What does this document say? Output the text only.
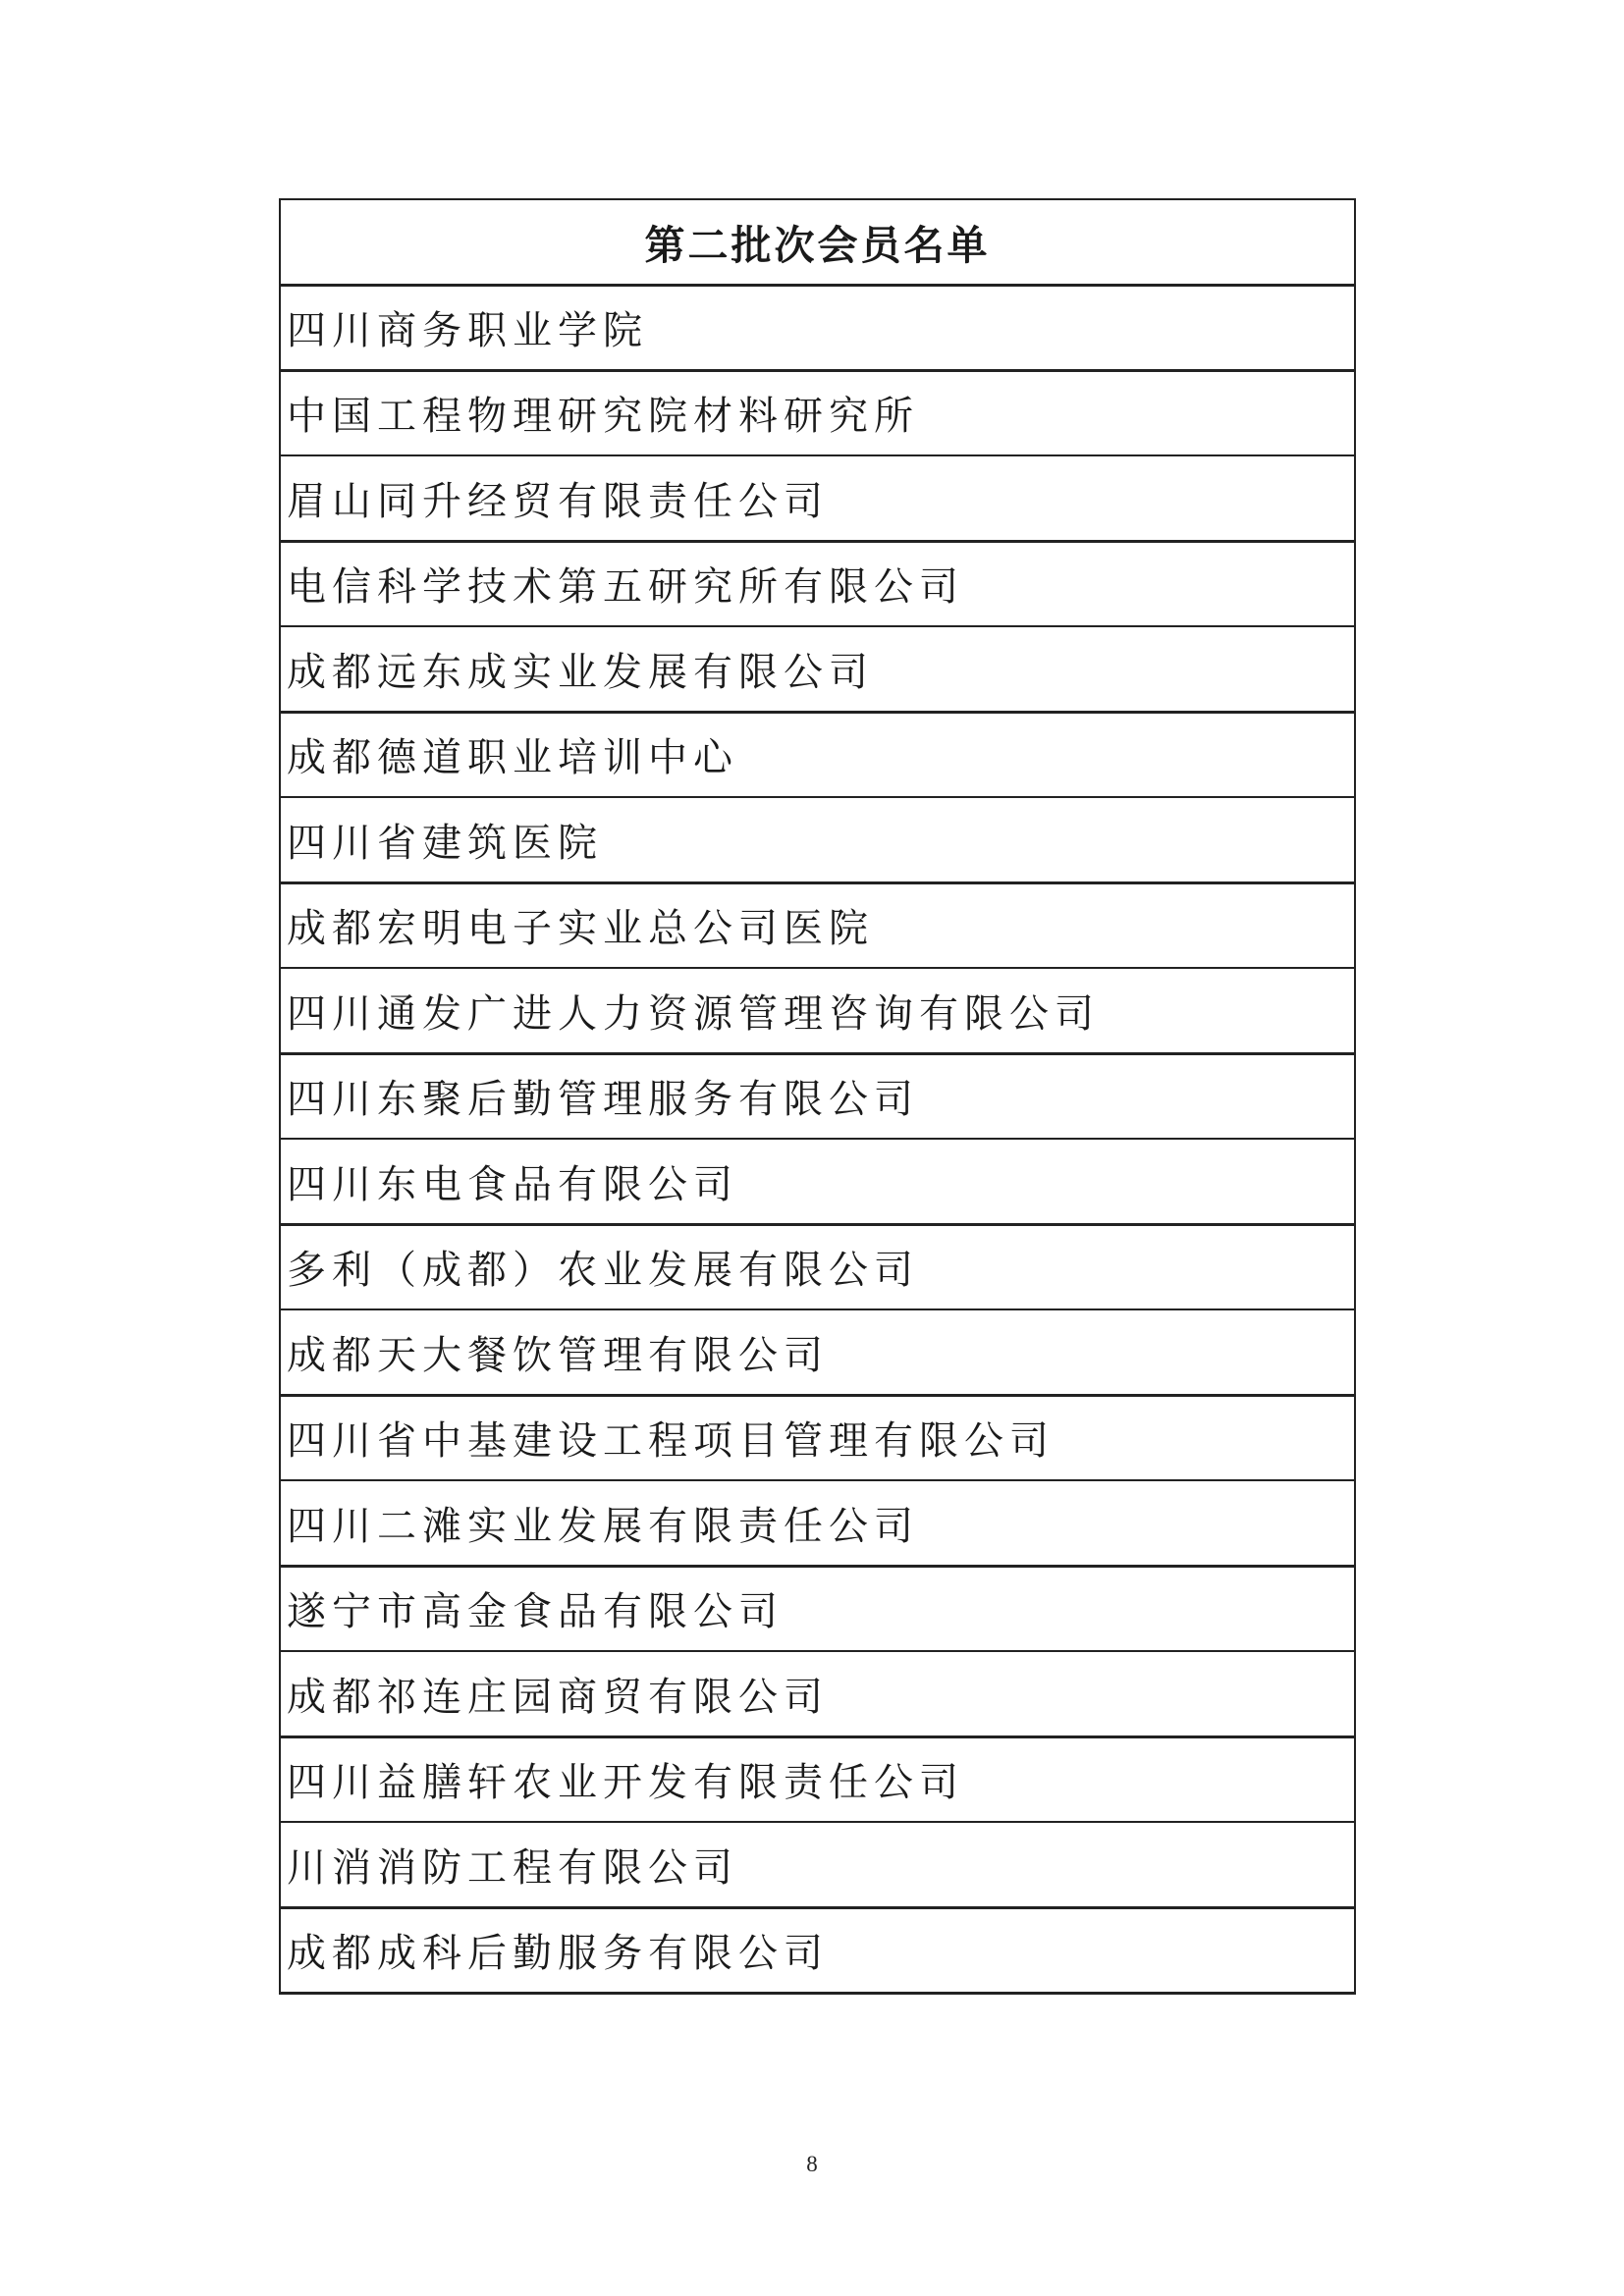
第二批次会员名单
四川商务职业学院
中国工程物理研究院材料研究所
眉山同升经贸有限责任公司
电信科学技术第五研究所有限公司
成都远东成实业发展有限公司
成都德道职业培训中心
四川省建筑医院
成都宏明电子实业总公司医院
四川通发广进人力资源管理咨询有限公司
四川东聚后勤管理服务有限公司
四川东电食品有限公司
多利（成都）农业发展有限公司
成都天大餐饮管理有限公司
四川省中基建设工程项目管理有限公司
四川二滩实业发展有限责任公司
遂宁市高金食品有限公司
成都祁连庄园商贸有限公司
四川益膳轩农业开发有限责任公司
川消消防工程有限公司
成都成科后勤服务有限公司
8
